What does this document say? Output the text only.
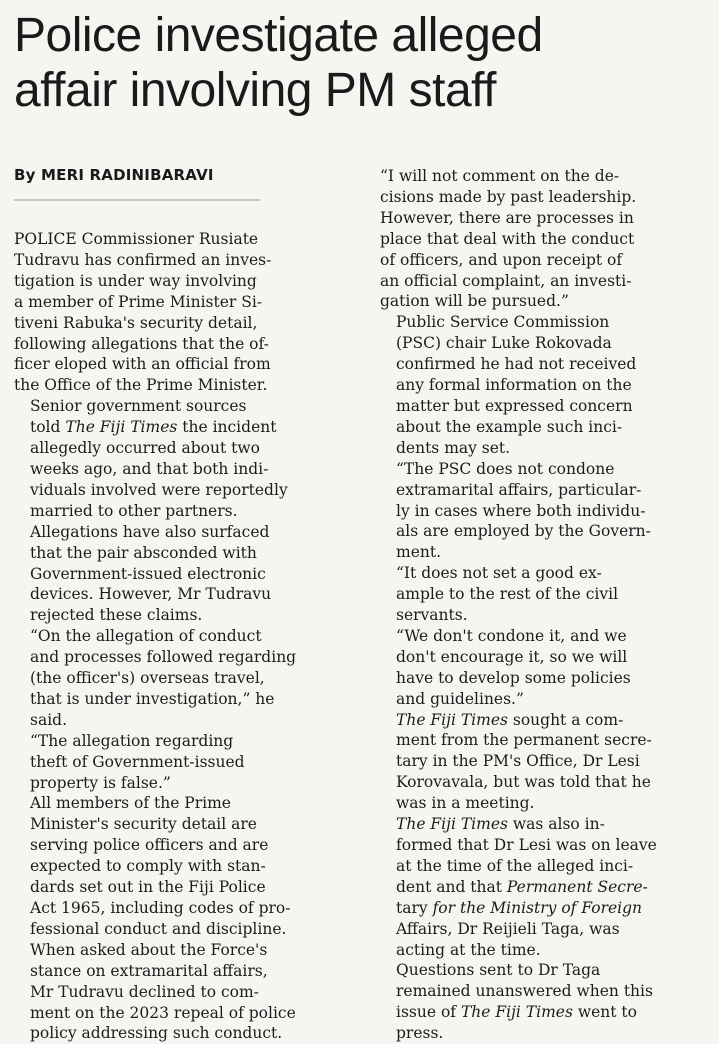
Police investigate alleged
affair involving PM staff
By MERI RADINIBARAVI

POLICE Commissioner Rusiate
Tudravu has confirmed an inves-
tigation is under way involving
a member of Prime Minister Si-
tiveni Rabuka's security detail,
following allegations that the of-
ficer eloped with an official from
the Office of the Prime Minister.

Senior government sources
told The Fiji Times the incident
allegedly occurred about two
weeks ago, and that both indi-
viduals involved were reportedly
married to other partners.

Allegations have also surfaced
that the pair absconded with
Government-issued electronic
devices. However, Mr Tudravu
rejected these claims.

“On the allegation of conduct
and processes followed regarding
(the officer's) overseas travel,
that is under investigation,” he
said.

“The allegation regarding
theft of Government-issued
property is false.”

All members of the Prime
Minister's security detail are
serving police officers and are
expected to comply with stan-
dards set out in the Fiji Police
Act 1965, including codes of pro-
fessional conduct and discipline.

When asked about the Force's
stance on extramarital affairs,
Mr Tudravu declined to com-
ment on the 2023 repeal of police
policy addressing such conduct.

“I will not comment on the de-
cisions made by past leadership.
However, there are processes in
place that deal with the conduct
of officers, and upon receipt of
an official complaint, an investi-
gation will be pursued.”

Public Service Commission
(PSC) chair Luke Rokovada
confirmed he had not received
any formal information on the
matter but expressed concern
about the example such inci-
dents may set.

“The PSC does not condone
extramarital affairs, particular-
ly in cases where both individu-
als are employed by the Govern-
ment.

“It does not set a good ex-
ample to the rest of the civil
servants.

“We don't condone it, and we
don't encourage it, so we will
have to develop some policies
and guidelines.”

The Fiji Times sought a com-
ment from the permanent secre-
tary in the PM's Office, Dr Lesi
Korovavala, but was told that he
was in a meeting.

The Fiji Times was also in-
formed that Dr Lesi was on leave
at the time of the alleged inci-
dent and that Permanent Secre-
tary for the Ministry of Foreign
Affairs, Dr Reijieli Taga, was
acting at the time.

Questions sent to Dr Taga
remained unanswered when this
issue of The Fiji Times went to
press.
